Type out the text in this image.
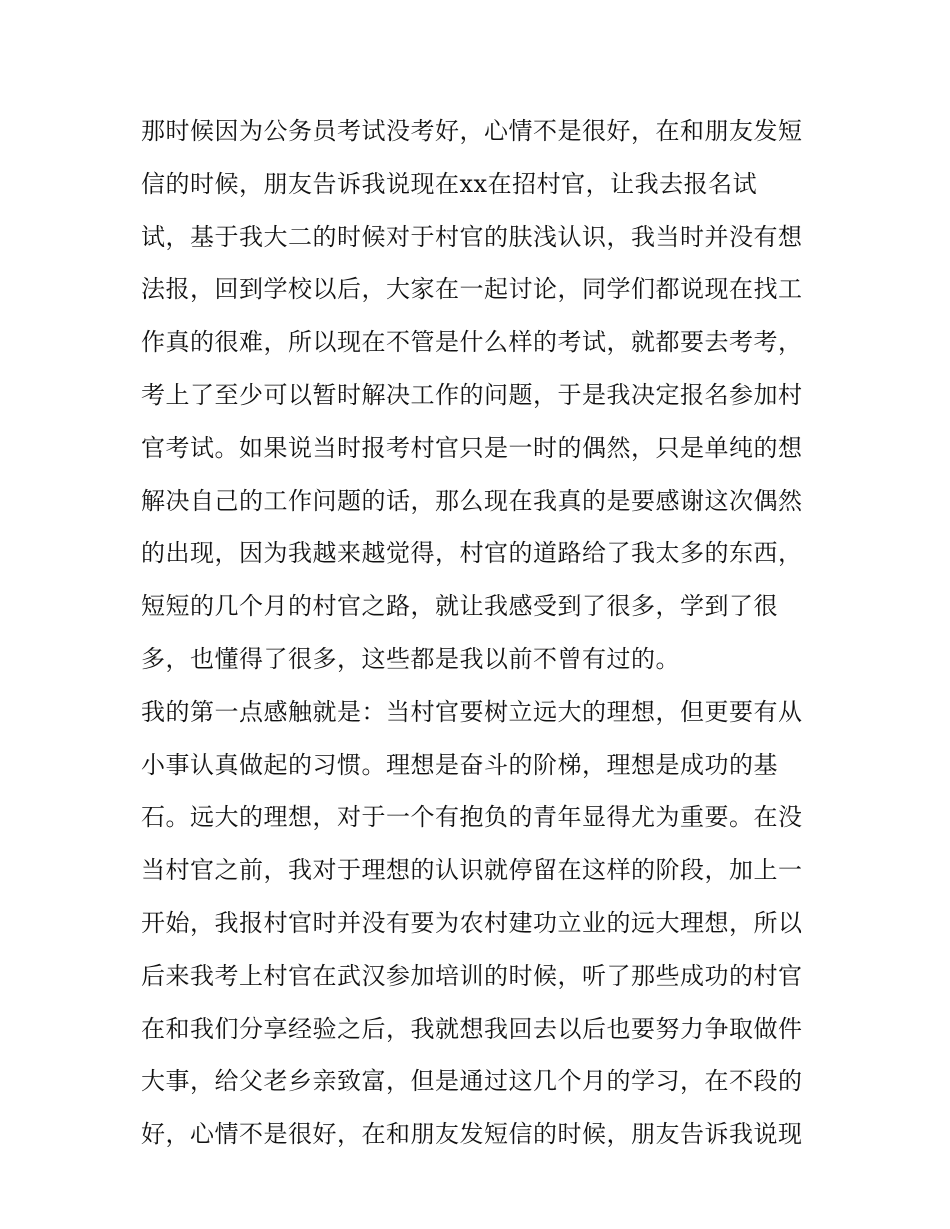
那时候因为公务员考试没考好，心情不是很好，在和朋友发短
信的时候，朋友告诉我说现在xx在招村官，让我去报名试
试，基于我大二的时候对于村官的肤浅认识，我当时并没有想
法报，回到学校以后，大家在一起讨论，同学们都说现在找工
作真的很难，所以现在不管是什么样的考试，就都要去考考，
考上了至少可以暂时解决工作的问题，于是我决定报名参加村
官考试。如果说当时报考村官只是一时的偶然，只是单纯的想
解决自己的工作问题的话，那么现在我真的是要感谢这次偶然
的出现，因为我越来越觉得，村官的道路给了我太多的东西，
短短的几个月的村官之路，就让我感受到了很多，学到了很
多，也懂得了很多，这些都是我以前不曾有过的。
我的第一点感触就是：当村官要树立远大的理想，但更要有从
小事认真做起的习惯。理想是奋斗的阶梯，理想是成功的基
石。远大的理想，对于一个有抱负的青年显得尤为重要。在没
当村官之前，我对于理想的认识就停留在这样的阶段，加上一
开始，我报村官时并没有要为农村建功立业的远大理想，所以
后来我考上村官在武汉参加培训的时候，听了那些成功的村官
在和我们分享经验之后，我就想我回去以后也要努力争取做件
大事，给父老乡亲致富，但是通过这几个月的学习，在不段的
好，心情不是很好，在和朋友发短信的时候，朋友告诉我说现
